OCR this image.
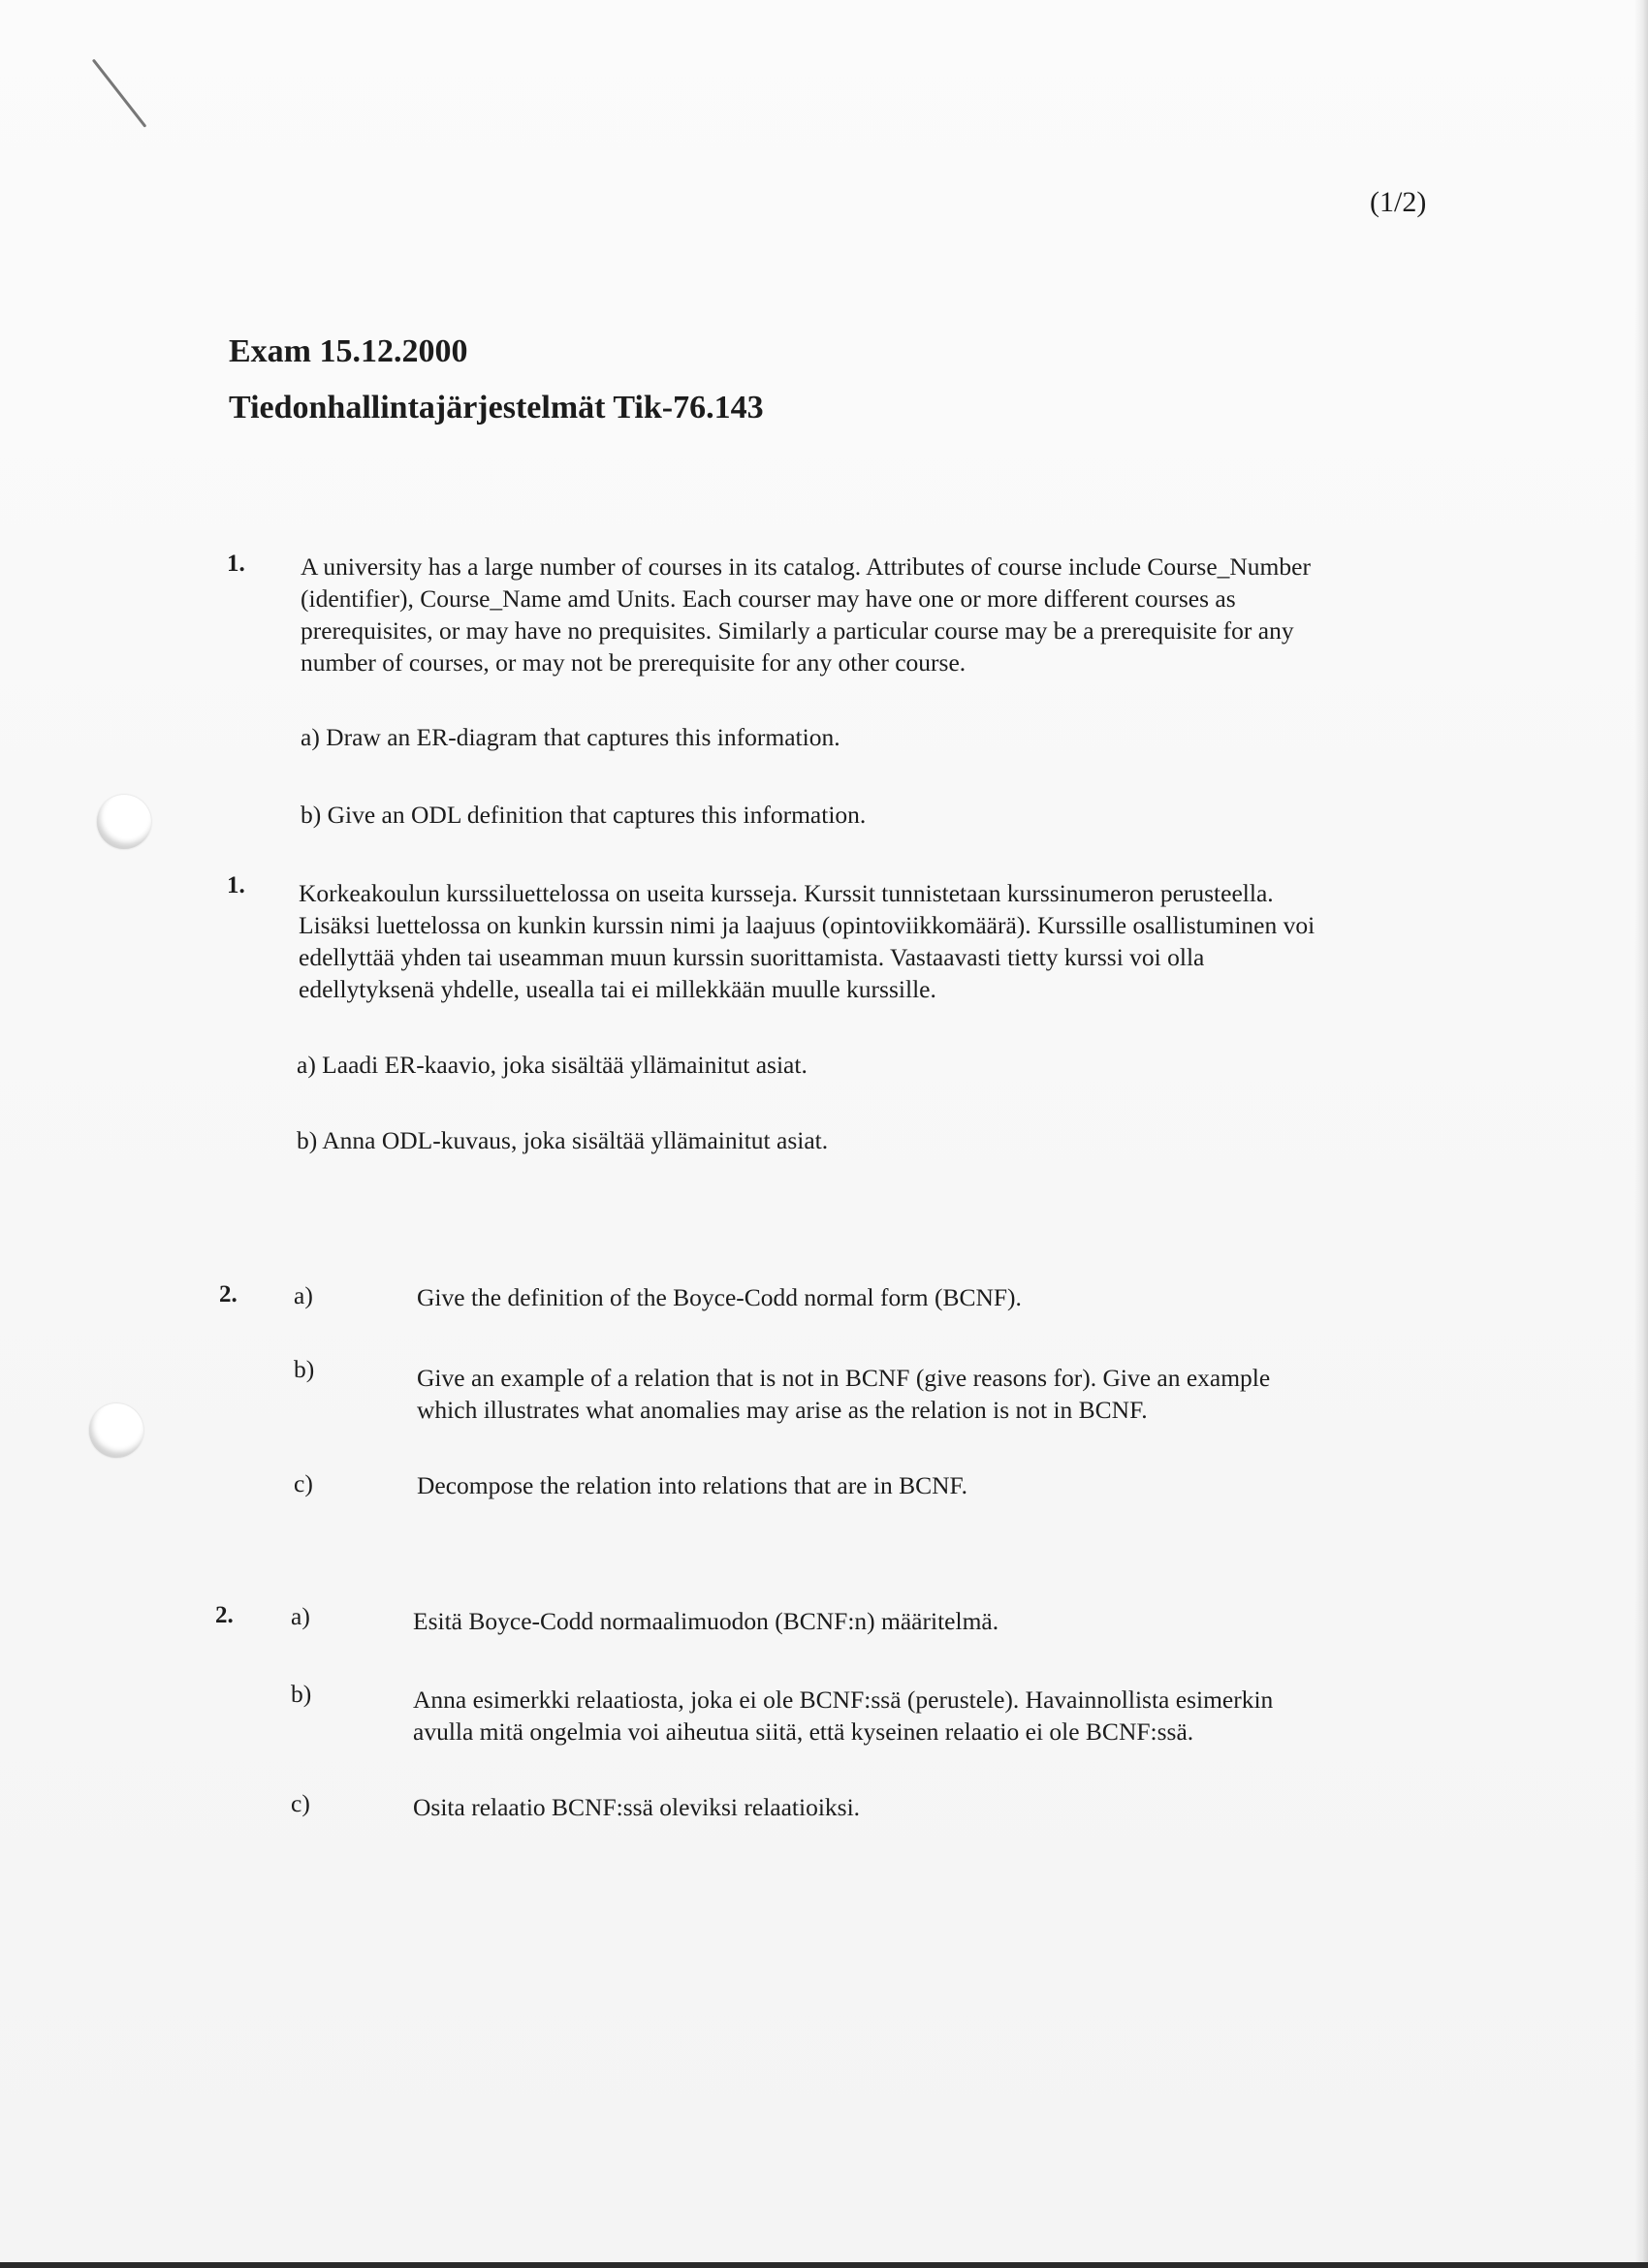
(1/2)
Exam 15.12.2000
Tiedonhallintajärjestelmät Tik-76.143
1. A university has a large number of courses in its catalog. Attributes of course include Course_Number
(identifier), Course_Name amd Units. Each courser may have one or more different courses as
prerequisites, or may have no prequisites. Similarly a particular course may be a prerequisite for any
number of courses, or may not be prerequisite for any other course.
a) Draw an ER-diagram that captures this information.
b) Give an ODL definition that captures this information.
1. Korkeakoulun kurssiluettelossa on useita kursseja. Kurssit tunnistetaan kurssinumeron perusteella.
Lisäksi luettelossa on kunkin kurssin nimi ja laajuus (opintoviikkomäärä). Kurssille osallistuminen voi
edellyttää yhden tai useamman muun kurssin suorittamista. Vastaavasti tietty kurssi voi olla
edellytyksenä yhdelle, usealla tai ei millekkään muulle kurssille.
a) Laadi ER-kaavio, joka sisältää yllämainitut asiat.
b) Anna ODL-kuvaus, joka sisältää yllämainitut asiat.
2. a)	Give the definition of the Boyce-Codd normal form (BCNF).
b)	Give an example of a relation that is not in BCNF (give reasons for). Give an example
which illustrates what anomalies may arise as the relation is not in BCNF.
c)	Decompose the relation into relations that are in BCNF.
2. a)	Esitä Boyce-Codd normaalimuodon (BCNF:n) määritelmä.
b)	Anna esimerkki relaatiosta, joka ei ole BCNF:ssä (perustele). Havainnollista esimerkin
avulla mitä ongelmia voi aiheutua siitä, että kyseinen relaatio ei ole BCNF:ssä.
c)	Osita relaatio BCNF:ssä oleviksi relaatioiksi.
